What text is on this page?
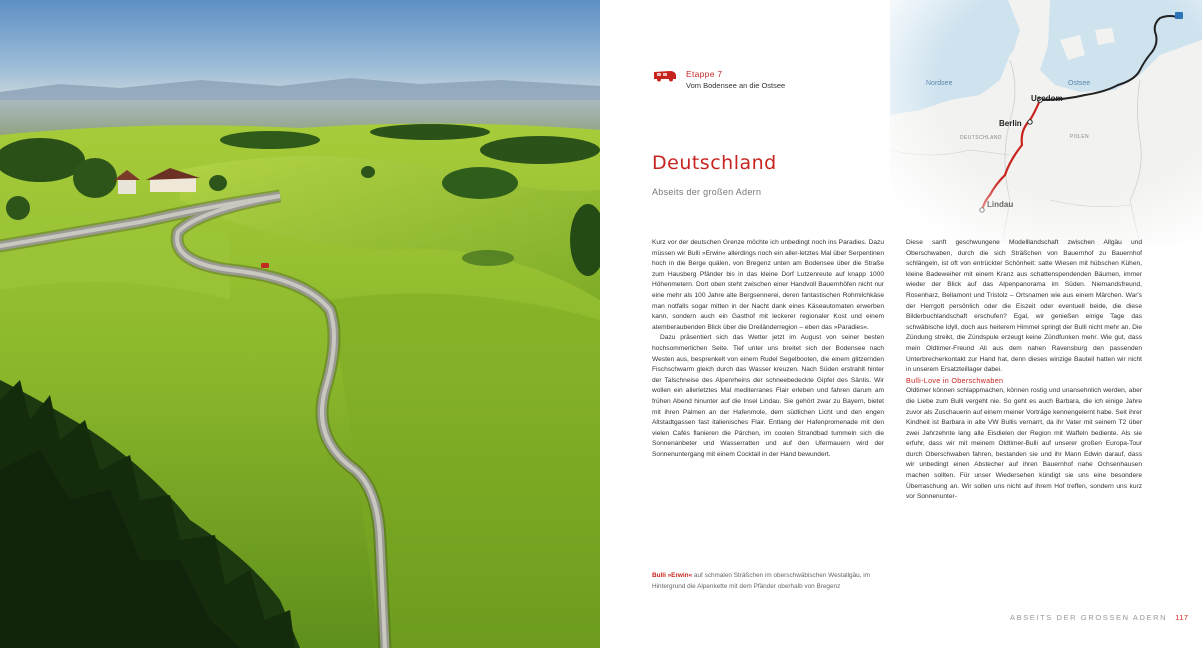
Etappe 7
Vom Bodensee an die Ostsee
Deutschland
Abseits der großen Adern

Kurz vor der deutschen Grenze möchte ich unbedingt noch ins Paradies. Dazu müssen wir Bulli »Erwin« allerdings noch ein aller-letztes Mal über Serpentinen hoch in die Berge quälen, von Bregenz unten am Bodensee über die Straße zum Hausberg Pfänder bis in das kleine Dorf Lutzenreute auf knapp 1000 Höhenmetern. Dort oben steht zwischen einer Handvoll Bauernhöfen nicht nur eine mehr als 100 Jahre alte Bergsennerei, deren fantastischen Rohmilchkäse man notfalls sogar mitten in der Nacht dank eines Käseautomaten erwerben kann, sondern auch ein Gasthof mit leckerer regionaler Kost und einem atemberaubenden Blick über die Dreiländerregion – eben das »Paradies«.

Dazu präsentiert sich das Wetter jetzt im August von seiner besten hochsommerlichen Seite. Tief unter uns breitet sich der Bodensee nach Westen aus, besprenkelt von einem Rudel Segelbooten, die einem glitzernden Fischschwarm gleich durch das Wasser kreuzen. Nach Süden erstrahlt hinter der Talschneise des Alpenrheins der schneebedeckte Gipfel des Säntis. Wir wollen ein allerletztes Mal mediterranes Flair erleben und fahren darum am frühen Abend hinunter auf die Insel Lindau. Sie gehört zwar zu Bayern, bietet mit ihren Palmen an der Hafenmole, dem südlichen Licht und den engen Altstadtgassen fast italienisches Flair. Entlang der Hafenpromenade mit den vielen Cafés flanieren die Pärchen, im coolen Strandbad tummeln sich die Sonnenanbeter und Wasserratten und auf den Ufermauern wird der Sonnenuntergang mit einem Cocktail in der Hand bewundert.

Diese sanft geschwungene Modelllandschaft zwischen Allgäu und Oberschwaben, durch die sich Sträßchen von Bauernhof zu Bauernhof schlängeln, ist oft von entrückter Schönheit: satte Wiesen mit hübschen Kühen, kleine Badeweiher mit einem Kranz aus schattenspendenden Bäumen, immer wieder der Blick auf das Alpenpanorama im Süden. Niemandsfreund, Rosenharz, Bellamont und Tristolz – Ortsnamen wie aus einem Märchen. War's der Herrgott persönlich oder die Eiszeit oder eventuell beide, die diese Bilderbuchlandschaft erschufen? Egal, wir genießen einige Tage das schwäbische Idyll, doch aus heiterem Himmel springt der Bulli nicht mehr an. Die Zündung streikt, die Zündspule erzeugt keine Zündfunken mehr. Wie gut, dass mein Oldtimer-Freund Ali aus dem nahen Ravensburg den passenden Unterbrecherkontakt zur Hand hat, denn dieses winzige Bauteil hatten wir nicht in unserem Ersatzteillager dabei.

Bulli-Love in Oberschwaben

Oldtimer können schlappmachen, können rostig und unansehnlich werden, aber die Liebe zum Bulli vergeht nie. So geht es auch Barbara, die ich einige Jahre zuvor als Zuschauerin auf einem meiner Vorträge kennengelernt habe. Seit ihrer Kindheit ist Barbara in alte VW Bullis vernarrt, da ihr Vater mit seinem T2 über zwei Jahrzehnte lang alle Eisdielen der Region mit Waffeln bediente. Als sie erfuhr, dass wir mit meinem Oldtimer-Bulli auf unserer großen Europa-Tour durch Oberschwaben fahren, bestanden sie und ihr Mann Edwin darauf, dass wir unbedingt einen Abstecher auf ihren Bauernhof nahe Ochsenhausen machen sollten. Für unser Wiedersehen kündigt sie uns eine besondere Überraschung an. Wir sollen uns nicht auf ihrem Hof treffen, sondern uns kurz vor Sonnenunter-

Bulli »Erwin« auf schmalen Sträßchen im oberschwäbischen Westallgäu, im Hintergrund die Alpenkette mit dem Pfänder oberhalb von Bregenz
ABSEITS DER GROSSEN ADERN 117
